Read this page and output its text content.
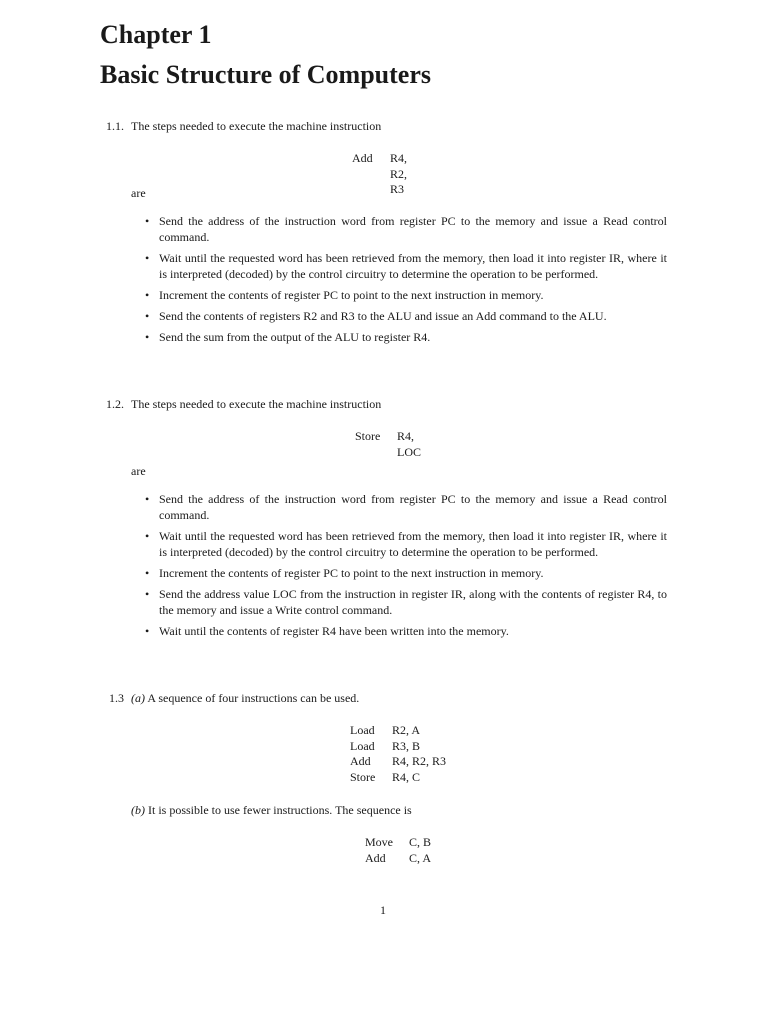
Chapter 1
Basic Structure of Computers
1.1. The steps needed to execute the machine instruction
Add R4, R2, R3
are
• Send the address of the instruction word from register PC to the memory and issue a Read control command.
• Wait until the requested word has been retrieved from the memory, then load it into register IR, where it is interpreted (decoded) by the control circuitry to determine the operation to be performed.
• Increment the contents of register PC to point to the next instruction in memory.
• Send the contents of registers R2 and R3 to the ALU and issue an Add command to the ALU.
• Send the sum from the output of the ALU to register R4.
1.2. The steps needed to execute the machine instruction
Store R4, LOC
are
• Send the address of the instruction word from register PC to the memory and issue a Read control command.
• Wait until the requested word has been retrieved from the memory, then load it into register IR, where it is interpreted (decoded) by the control circuitry to determine the operation to be performed.
• Increment the contents of register PC to point to the next instruction in memory.
• Send the address value LOC from the instruction in register IR, along with the contents of register R4, to the memory and issue a Write control command.
• Wait until the contents of register R4 have been written into the memory.
1.3 (a) A sequence of four instructions can be used.
Load R2, A
Load R3, B
Add R4, R2, R3
Store R4, C
(b) It is possible to use fewer instructions. The sequence is
Move C, B
Add C, A
1
